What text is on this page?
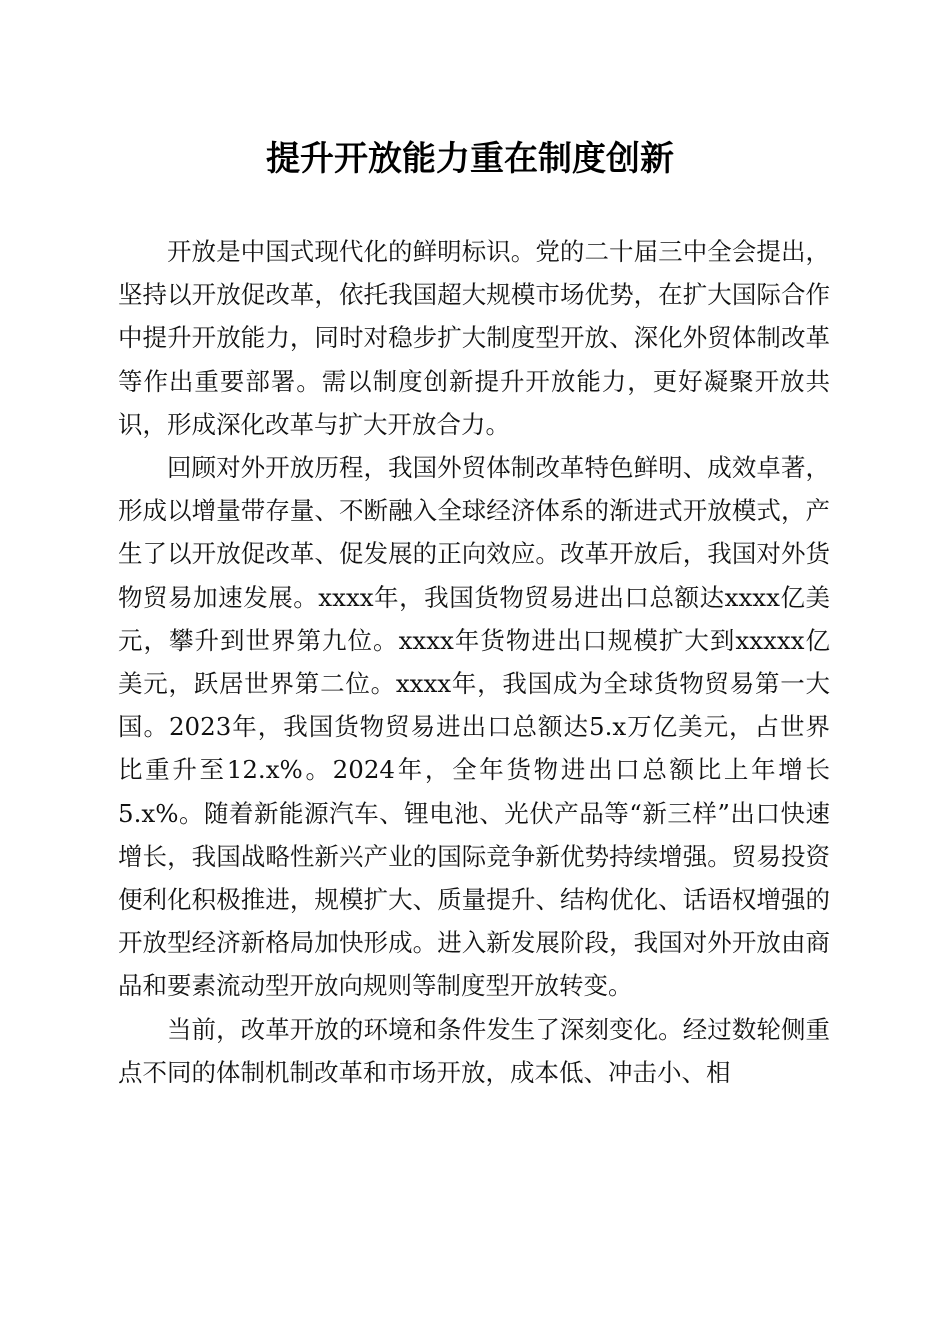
提升开放能力重在制度创新

开放是中国式现代化的鲜明标识。党的二十届三中全会提出，坚持以开放促改革，依托我国超大规模市场优势，在扩大国际合作中提升开放能力，同时对稳步扩大制度型开放、深化外贸体制改革等作出重要部署。需以制度创新提升开放能力，更好凝聚开放共识，形成深化改革与扩大开放合力。

回顾对外开放历程，我国外贸体制改革特色鲜明、成效卓著，形成以增量带存量、不断融入全球经济体系的渐进式开放模式，产生了以开放促改革、促发展的正向效应。改革开放后，我国对外货物贸易加速发展。xxxx年，我国货物贸易进出口总额达xxxx亿美元，攀升到世界第九位。xxxx年货物进出口规模扩大到xxxxx亿美元，跃居世界第二位。xxxx年，我国成为全球货物贸易第一大国。2023年，我国货物贸易进出口总额达5.x万亿美元，占世界比重升至12.x%。2024年，全年货物进出口总额比上年增长5.x%。随着新能源汽车、锂电池、光伏产品等“新三样”出口快速增长，我国战略性新兴产业的国际竞争新优势持续增强。贸易投资便利化积极推进，规模扩大、质量提升、结构优化、话语权增强的开放型经济新格局加快形成。进入新发展阶段，我国对外开放由商品和要素流动型开放向规则等制度型开放转变。

当前，改革开放的环境和条件发生了深刻变化。经过数轮侧重点不同的体制机制改革和市场开放，成本低、冲击小、相
